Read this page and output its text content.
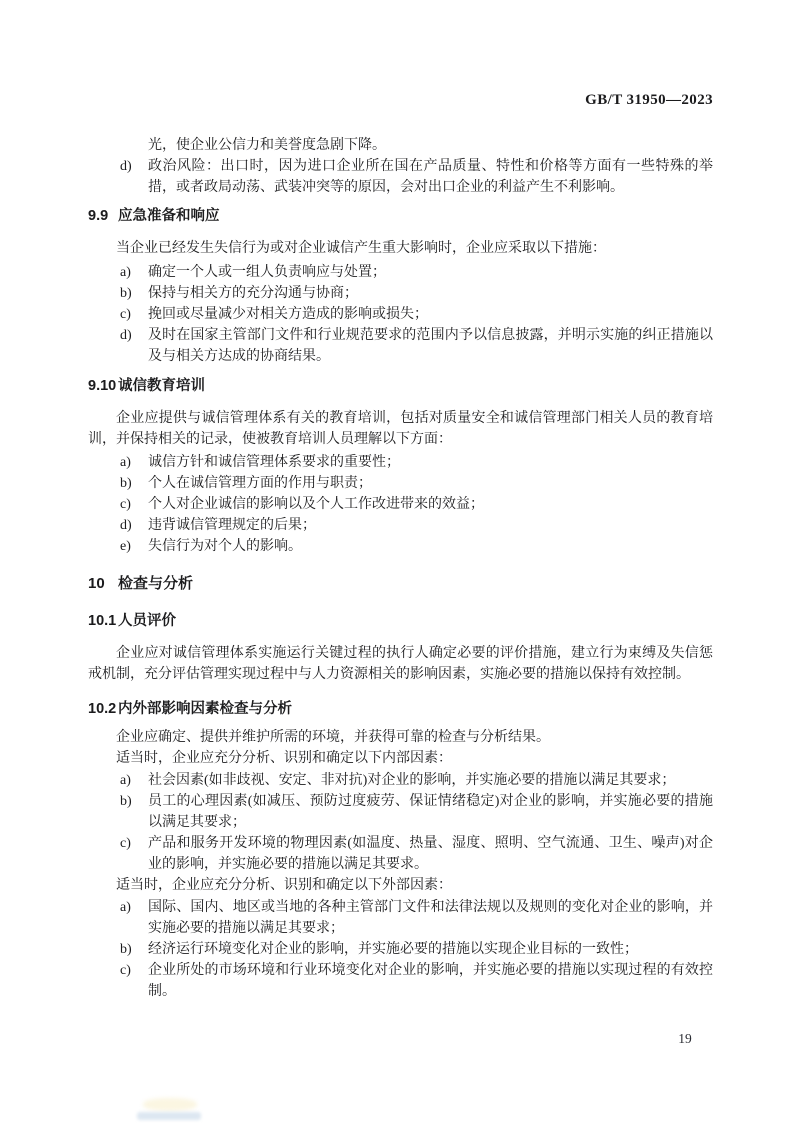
GB/T 31950—2023
光，使企业公信力和美誉度急剧下降。
d)	政治风险：出口时，因为进口企业所在国在产品质量、特性和价格等方面有一些特殊的举措，或者政局动荡、武装冲突等的原因，会对出口企业的利益产生不利影响。
9.9 应急准备和响应
当企业已经发生失信行为或对企业诚信产生重大影响时，企业应采取以下措施：
a)	确定一个人或一组人负责响应与处置；
b)	保持与相关方的充分沟通与协商；
c)	挽回或尽量减少对相关方造成的影响或损失；
d)	及时在国家主管部门文件和行业规范要求的范围内予以信息披露，并明示实施的纠正措施以及与相关方达成的协商结果。
9.10 诚信教育培训
企业应提供与诚信管理体系有关的教育培训，包括对质量安全和诚信管理部门相关人员的教育培训，并保持相关的记录，使被教育培训人员理解以下方面：
a)	诚信方针和诚信管理体系要求的重要性；
b)	个人在诚信管理方面的作用与职责；
c)	个人对企业诚信的影响以及个人工作改进带来的效益；
d)	违背诚信管理规定的后果；
e)	失信行为对个人的影响。
10 检查与分析
10.1 人员评价
企业应对诚信管理体系实施运行关键过程的执行人确定必要的评价措施，建立行为束缚及失信惩戒机制，充分评估管理实现过程中与人力资源相关的影响因素，实施必要的措施以保持有效控制。
10.2 内外部影响因素检查与分析
企业应确定、提供并维护所需的环境，并获得可靠的检查与分析结果。
适当时，企业应充分分析、识别和确定以下内部因素：
a)	社会因素(如非歧视、安定、非对抗)对企业的影响，并实施必要的措施以满足其要求；
b)	员工的心理因素(如减压、预防过度疲劳、保证情绪稳定)对企业的影响，并实施必要的措施以满足其要求；
c)	产品和服务开发环境的物理因素(如温度、热量、湿度、照明、空气流通、卫生、噪声)对企业的影响，并实施必要的措施以满足其要求。
适当时，企业应充分分析、识别和确定以下外部因素：
a)	国际、国内、地区或当地的各种主管部门文件和法律法规以及规则的变化对企业的影响，并实施必要的措施以满足其要求；
b)	经济运行环境变化对企业的影响，并实施必要的措施以实现企业目标的一致性；
c)	企业所处的市场环境和行业环境变化对企业的影响，并实施必要的措施以实现过程的有效控制。
19
